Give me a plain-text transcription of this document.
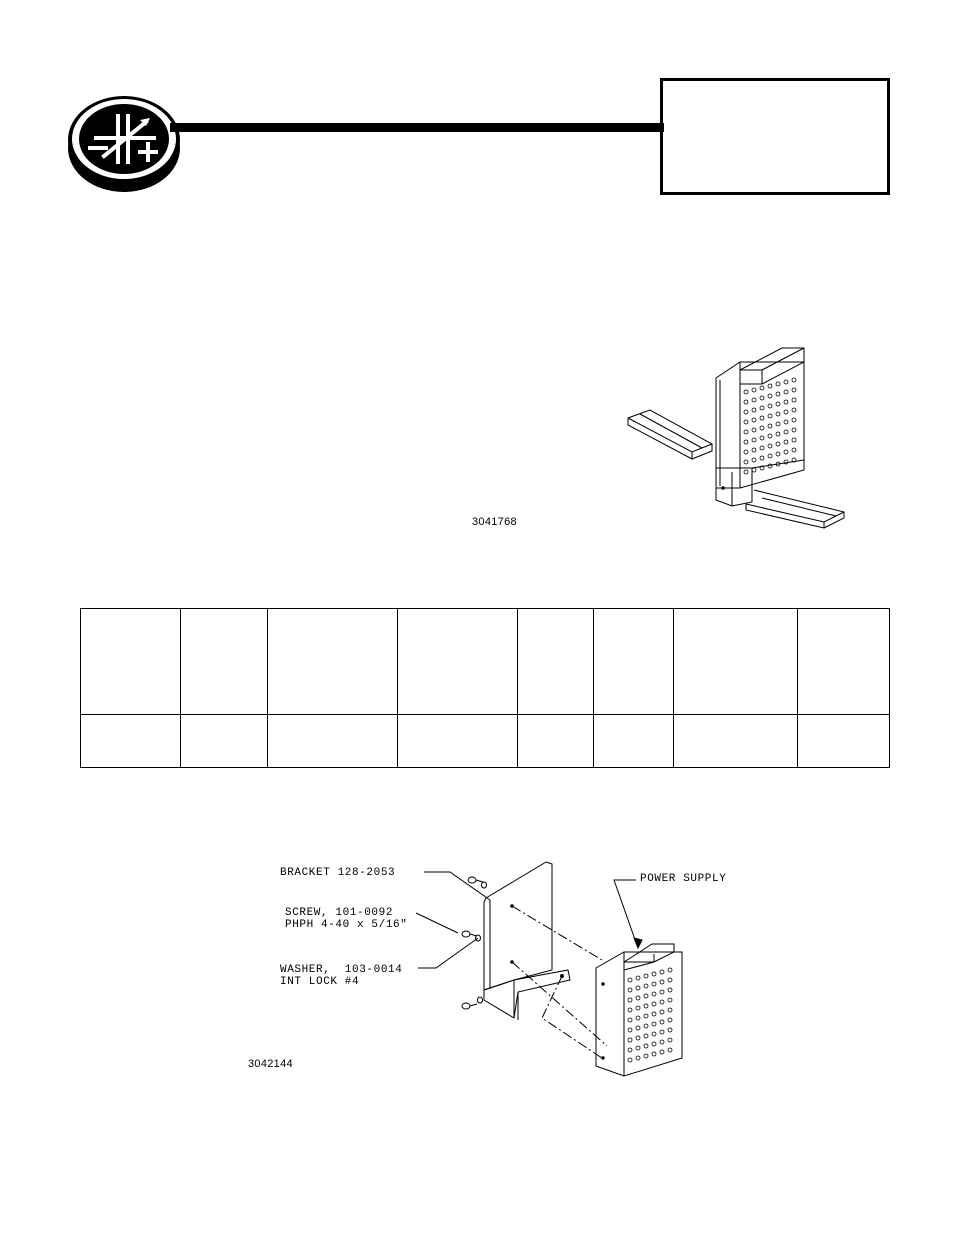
3041768

BRACKET 128-2053
SCREW, 101-0092
PHPH 4-40 x 5/16"
WASHER,  103-0014
INT LOCK #4
POWER SUPPLY
3042144
